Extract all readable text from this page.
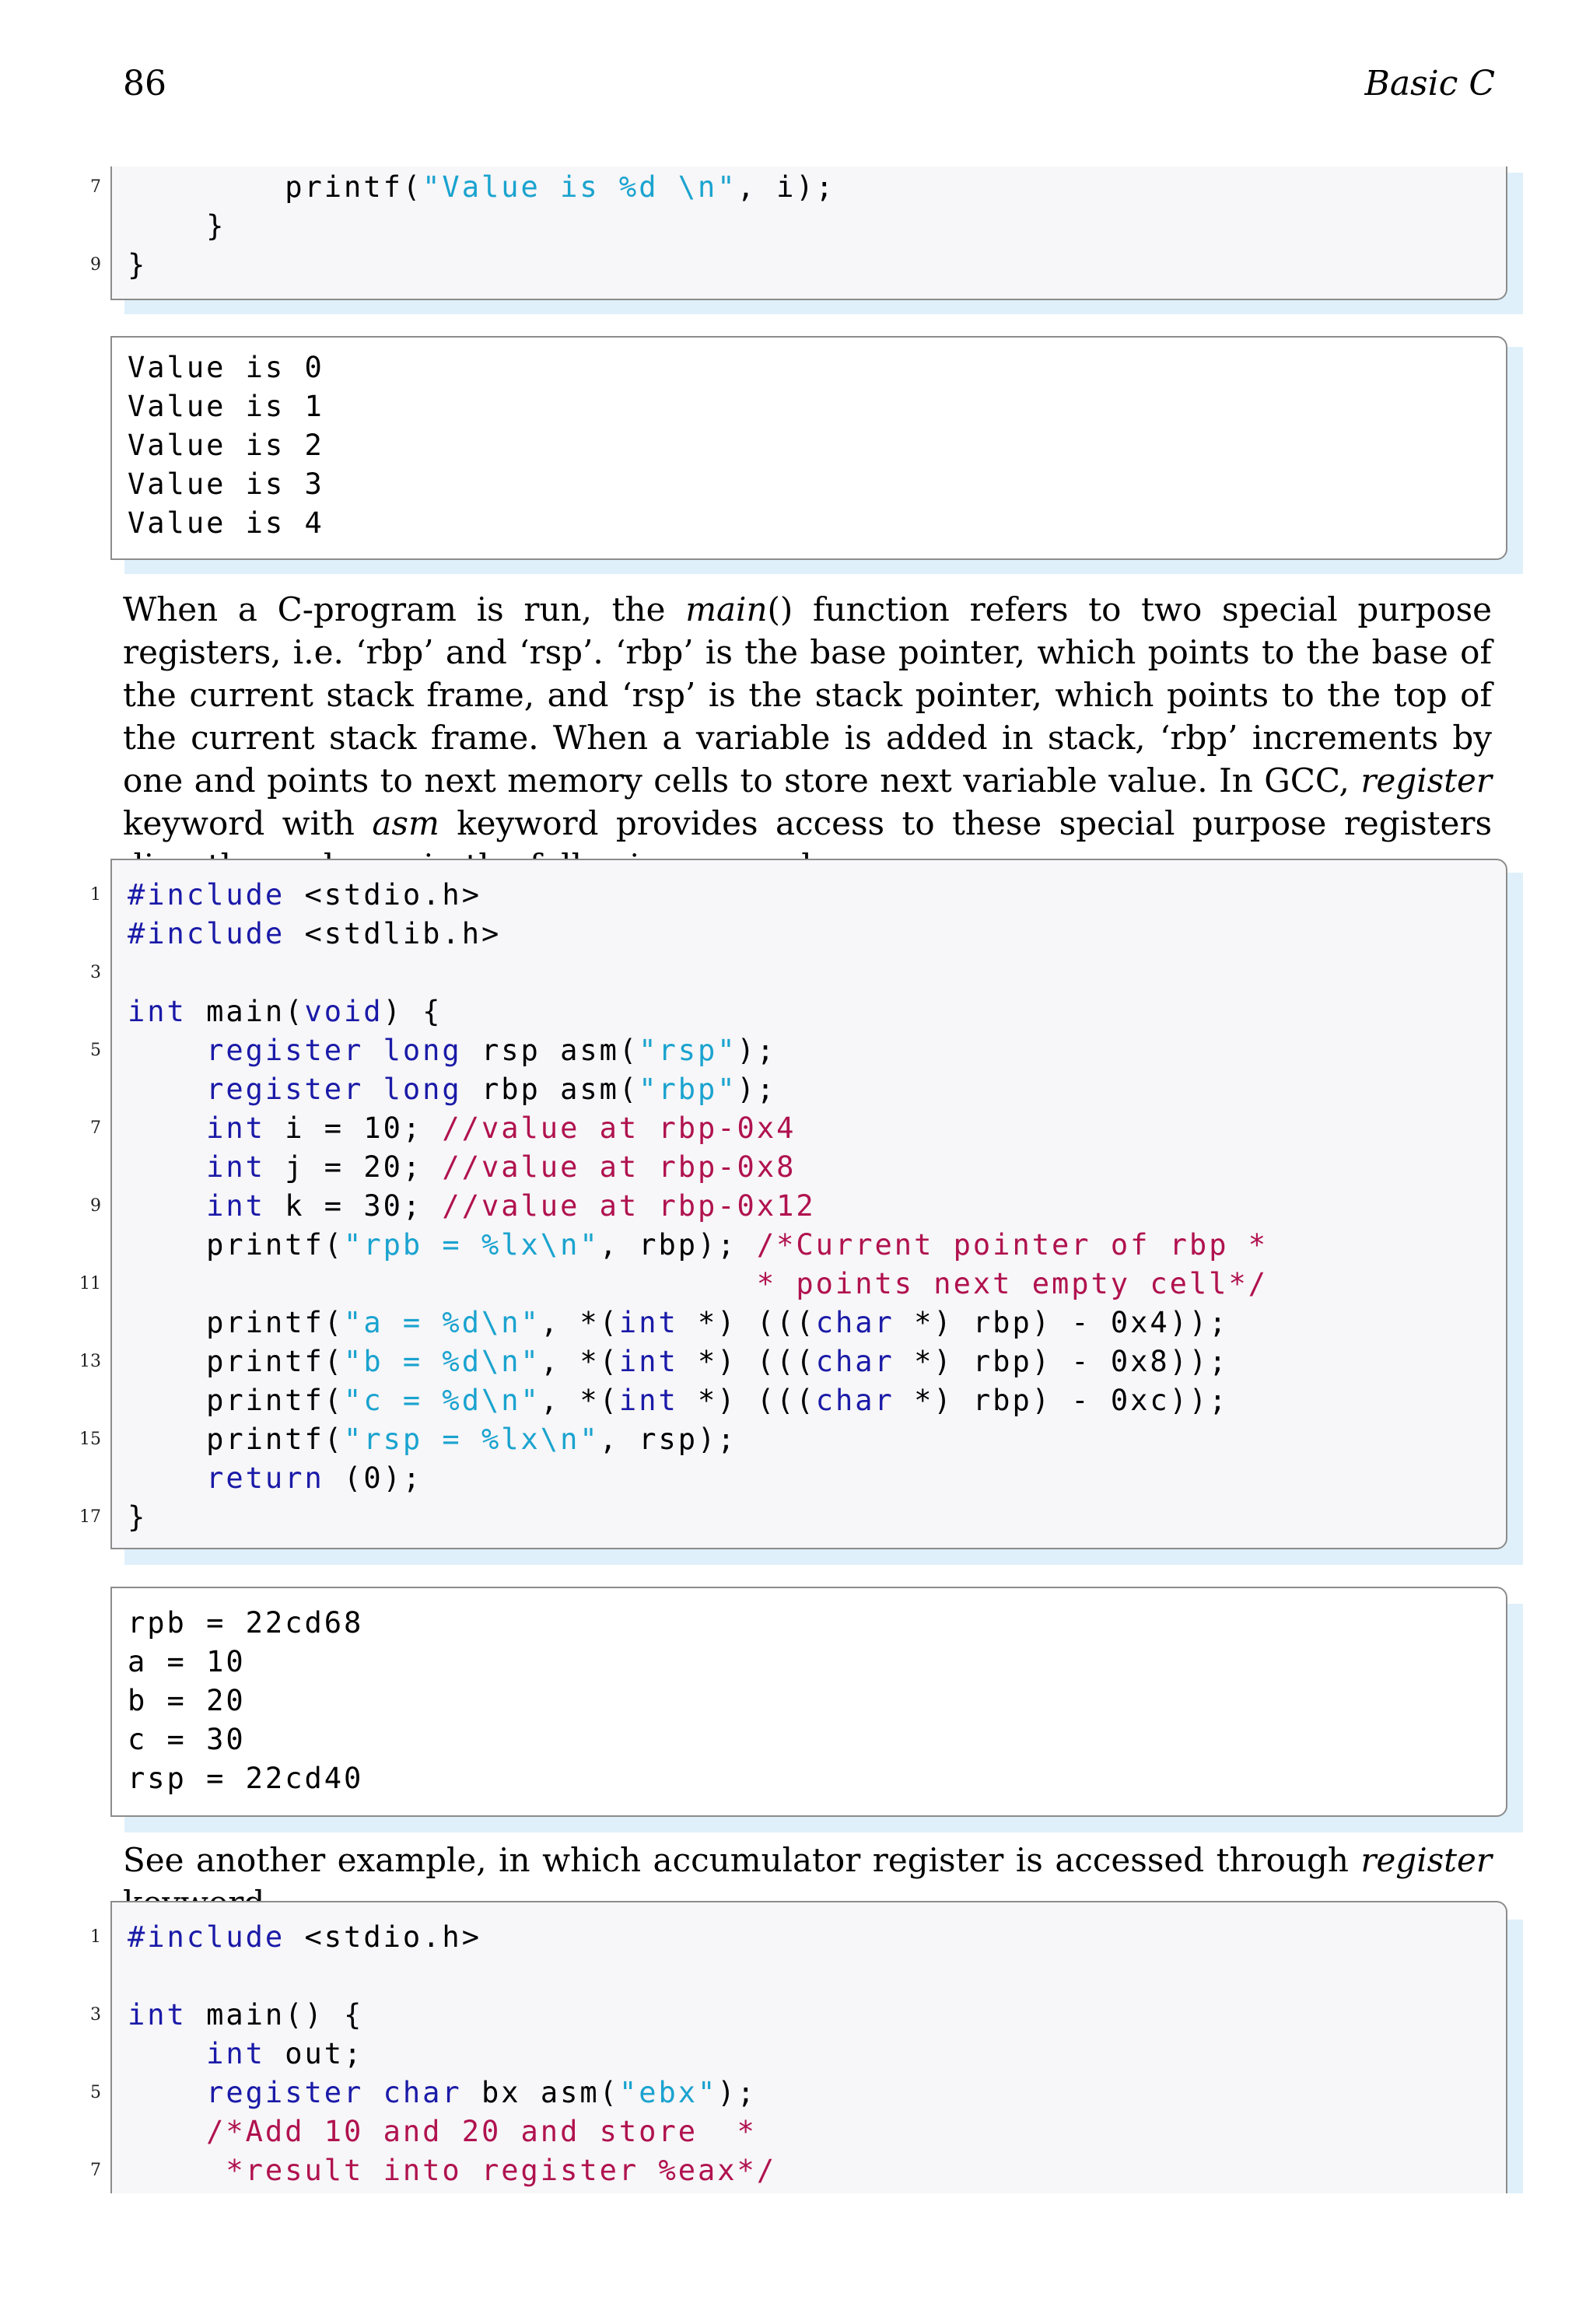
86	Basic C
printf("Value is %d \n", i);
}
}
7
9
Value is 0
Value is 1
Value is 2
Value is 3
Value is 4

When a C-program is run, the main() function refers to two special purpose registers, i.e. ‘rbp’ and ‘rsp’. ‘rbp’ is the base pointer, which points to the base of the current stack frame, and ‘rsp’ is the stack pointer, which points to the top of the current stack frame. When a variable is added in stack, ‘rbp’ increments by one and points to next memory cells to store next variable value. In GCC, register keyword with asm keyword provides access to these special purpose registers

#include <stdio.h>
#include <stdlib.h>

int main(void) {
register long rsp asm("rsp");
register long rbp asm("rbp");
int i = 10; //value at rbp-0x4
int j = 20; //value at rbp-0x8
int k = 30; //value at rbp-0x12
printf("rpb = %lx\n", rbp); /*Current pointer of rbp *
* points next empty cell*/
printf("a = %d\n", *(int *) (((char *) rbp) - 0x4));
printf("b = %d\n", *(int *) (((char *) rbp) - 0x8));
printf("c = %d\n", *(int *) (((char *) rbp) - 0xc));
printf("rsp = %lx\n", rsp);
return (0);
}
1
3
5
7
9
11
13
15
17
rpb = 22cd68
a = 10
b = 20
c = 30
rsp = 22cd40

See another example, in which accumulator register is accessed through register

#include <stdio.h>

int main() {
int out;
register char bx asm("ebx");
/*Add 10 and 20 and store  *
*result into register %eax*/
1
3
5
7
